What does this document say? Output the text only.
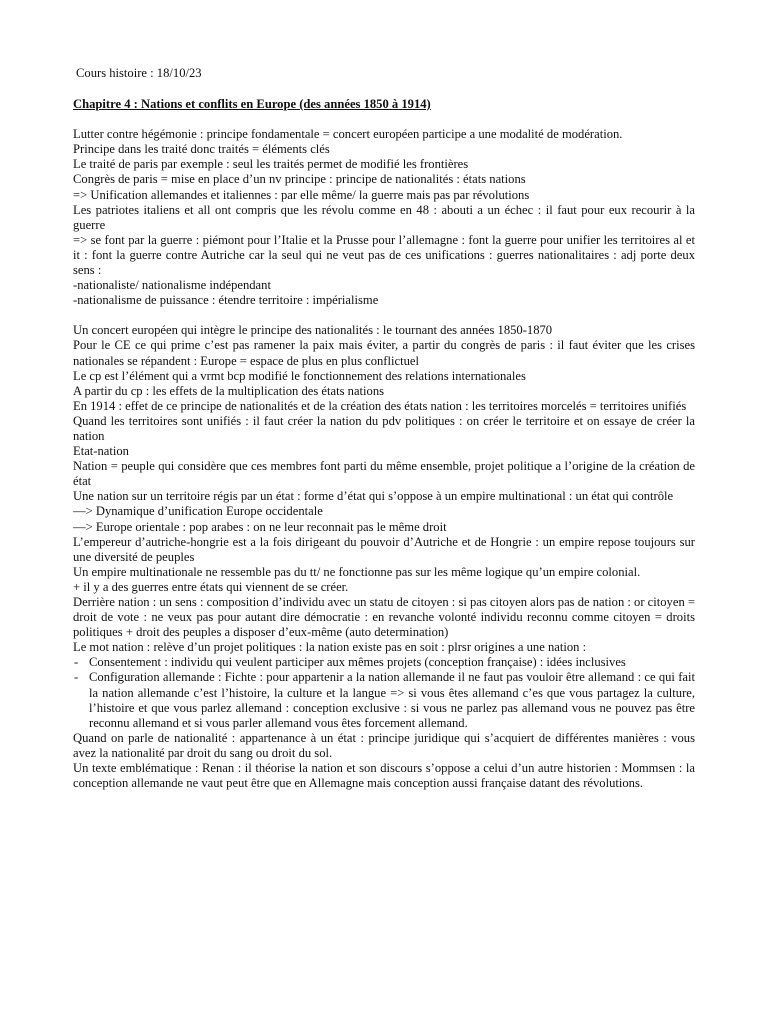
Cours histoire : 18/10/23
Chapitre 4 : Nations et conflits en Europe (des années 1850 à 1914)

Lutter contre hégémonie : principe fondamentale = concert européen participe a une modalité de modération.

Principe dans les traité donc traités = éléments clés

Le traité de paris par exemple : seul les traités permet de modifié les frontières

Congrès de paris = mise en place d’un nv principe : principe de nationalités : états nations

=> Unification allemandes et italiennes : par elle même/ la guerre mais pas par révolutions

Les patriotes italiens et all ont compris que les révolu comme en 48 : abouti a un échec : il faut pour eux recourir à la guerre

=> se font par la guerre : piémont pour l’Italie et la Prusse pour l’allemagne : font la guerre pour unifier les territoires al et it : font la guerre contre Autriche car la seul qui ne veut pas de ces unifications : guerres nationalitaires : adj porte deux sens :

-nationaliste/ nationalisme indépendant

-nationalisme de puissance : étendre territoire : impérialisme

Un concert européen qui intègre le principe des nationalités : le tournant des années 1850-1870

Pour le CE ce qui prime c’est pas ramener la paix mais éviter, a partir du congrès de paris : il faut éviter que les crises nationales se répandent : Europe = espace de plus en plus conflictuel

Le cp est l’élément qui a vrmt bcp modifié le fonctionnement des relations internationales

A partir du cp : les effets de la multiplication des états nations

En 1914 : effet de ce principe de nationalités et de la création des états nation : les territoires morcelés = territoires unifiés

Quand les territoires sont unifiés : il faut créer la nation du pdv politiques : on créer le territoire et on essaye de créer la nation

Etat-nation

Nation = peuple qui considère que ces membres font parti du même ensemble, projet politique a l’origine de la création de état

Une nation sur un territoire régis par un état : forme d’état qui s’oppose à un empire multinational : un état qui contrôle

—> Dynamique d’unification Europe occidentale

—> Europe orientale : pop arabes : on ne leur reconnait pas le même droit

L’empereur d’autriche-hongrie est a la fois dirigeant du pouvoir d’Autriche et de Hongrie : un empire repose toujours sur une diversité de peuples

Un empire multinationale ne ressemble pas du tt/ ne fonctionne pas sur les même logique qu’un empire colonial.

+ il y a des guerres entre états qui viennent de se créer.

Derrière nation : un sens : composition d’individu avec un statu de citoyen : si pas citoyen alors pas de nation : or citoyen = droit de vote : ne veux pas pour autant dire démocratie : en revanche volonté individu reconnu comme citoyen = droits politiques + droit des peuples a disposer d’eux-même (auto determination)

Le mot nation : relève d’un projet politiques : la nation existe pas en soit : plrsr origines a une nation :

- Consentement : individu qui veulent participer aux mêmes projets (conception française) : idées inclusives
- Configuration allemande : Fichte : pour appartenir a la nation allemande il ne faut pas vouloir être allemand : ce qui fait la nation allemande c’est l’histoire, la culture et la langue => si vous êtes allemand c’es que vous partagez la culture, l’histoire et que vous parlez allemand : conception exclusive : si vous ne parlez pas allemand vous ne pouvez pas être reconnu allemand et si vous parler allemand vous êtes forcement allemand.

Quand on parle de nationalité : appartenance à un état : principe juridique qui s’acquiert de différentes manières : vous avez la nationalité par droit du sang ou droit du sol.

Un texte emblématique : Renan : il théorise la nation et son discours s’oppose a celui d’un autre historien : Mommsen : la conception allemande ne vaut peut être que en Allemagne mais conception aussi française datant des révolutions.
